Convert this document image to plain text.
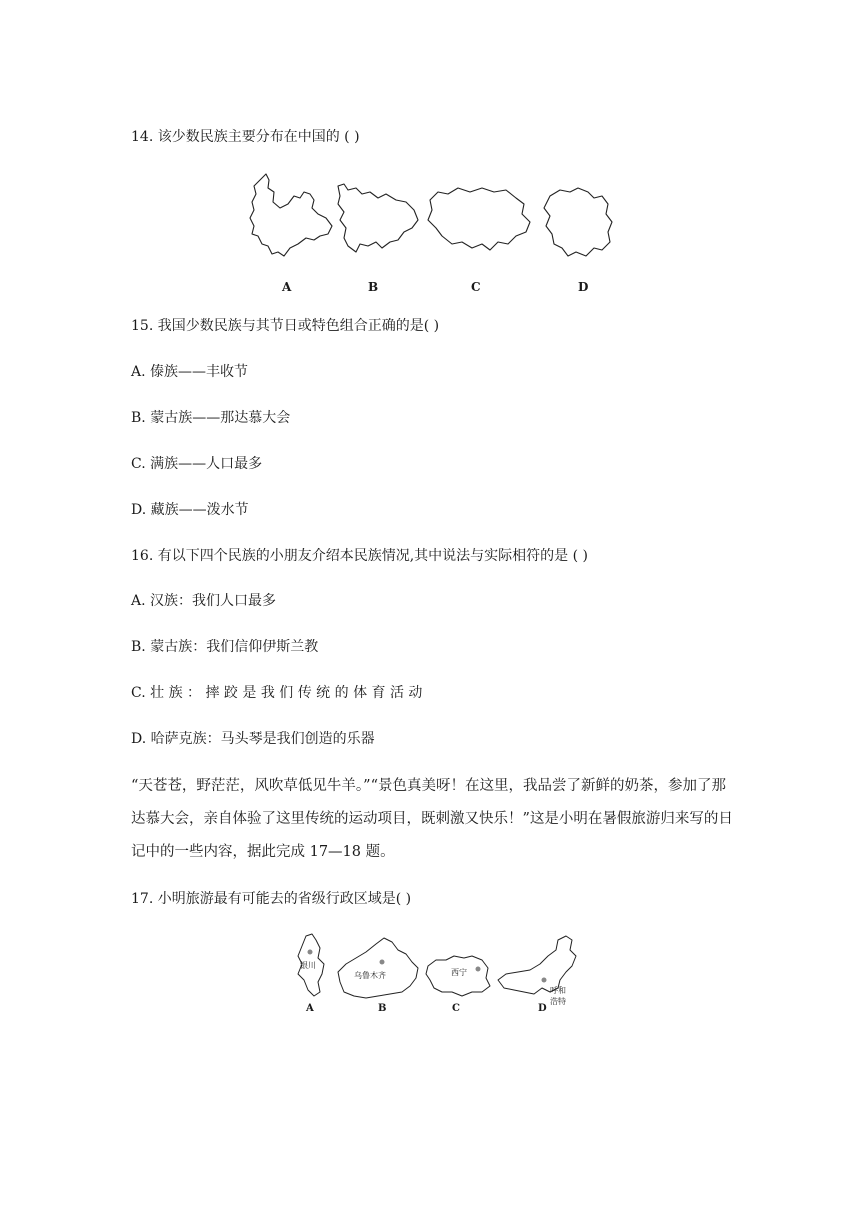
14. 该少数民族主要分布在中国的 ( )
A	B	C	D
15. 我国少数民族与其节日或特色组合正确的是( )
A. 傣族——丰收节
B. 蒙古族——那达慕大会
C. 满族——人口最多
D. 藏族——泼水节
16. 有以下四个民族的小朋友介绍本民族情况,其中说法与实际相符的是 ( )
A. 汉族：我们人口最多
B. 蒙古族：我们信仰伊斯兰教
C. 壮 族 ： 摔 跤 是 我 们 传 统 的 体 育 活 动
D. 哈萨克族：马头琴是我们创造的乐器
“天苍苍，野茫茫，风吹草低见牛羊。”“景色真美呀！在这里，我品尝了新鲜的奶茶，参加了那达慕大会，亲自体验了这里传统的运动项目，既刺激又快乐！”这是小明在暑假旅游归来写的日记中的一些内容，据此完成 17—18 题。
17. 小明旅游最有可能去的省级行政区域是( )
银川
乌鲁木齐	西宁
呼和
浩特
A	B	C	D
